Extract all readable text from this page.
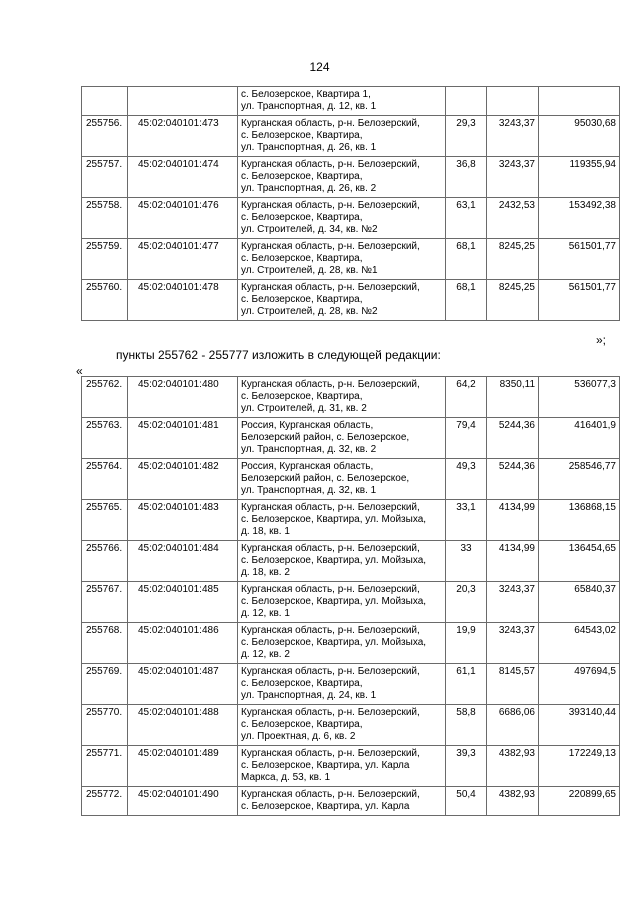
124

		с. Белозерское, Квартира 1,
ул. Транспортная, д. 12, кв. 1			

255756.	45:02:040101:473	Курганская область, р-н. Белозерский,
с. Белозерское, Квартира,
ул. Транспортная, д. 26, кв. 1	29,3	3243,37	95030,68
255757.	45:02:040101:474	Курганская область, р-н. Белозерский,
с. Белозерское, Квартира,
ул. Транспортная, д. 26, кв. 2	36,8	3243,37	119355,94
255758.	45:02:040101:476	Курганская область, р-н. Белозерский,
с. Белозерское, Квартира,
ул. Строителей, д. 34, кв. №2	63,1	2432,53	153492,38
255759.	45:02:040101:477	Курганская область, р-н. Белозерский,
с. Белозерское, Квартира,
ул. Строителей, д. 28, кв. №1	68,1	8245,25	561501,77
255760.	45:02:040101:478	Курганская область, р-н. Белозерский,
с. Белозерское, Квартира,
ул. Строителей, д. 28, кв. №2	68,1	8245,25	561501,77
»;
пункты 255762 - 255777 изложить в следующей редакции:
«
255762.	45:02:040101:480	Курганская область, р-н. Белозерский,
с. Белозерское, Квартира,
ул. Строителей, д. 31, кв. 2	64,2	8350,11	536077,3
255763.	45:02:040101:481	Россия, Курганская область,
Белозерский район, с. Белозерское,
ул. Транспортная, д. 32, кв. 2	79,4	5244,36	416401,9
255764.	45:02:040101:482	Россия, Курганская область,
Белозерский район, с. Белозерское,
ул. Транспортная, д. 32, кв. 1	49,3	5244,36	258546,77
255765.	45:02:040101:483	Курганская область, р-н. Белозерский,
с. Белозерское, Квартира, ул. Мойзыха,
д. 18, кв. 1	33,1	4134,99	136868,15
255766.	45:02:040101:484	Курганская область, р-н. Белозерский,
с. Белозерское, Квартира, ул. Мойзыха,
д. 18, кв. 2	33	4134,99	136454,65
255767.	45:02:040101:485	Курганская область, р-н. Белозерский,
с. Белозерское, Квартира, ул. Мойзыха,
д. 12, кв. 1	20,3	3243,37	65840,37
255768.	45:02:040101:486	Курганская область, р-н. Белозерский,
с. Белозерское, Квартира, ул. Мойзыха,
д. 12, кв. 2	19,9	3243,37	64543,02
255769.	45:02:040101:487	Курганская область, р-н. Белозерский,
с. Белозерское, Квартира,
ул. Транспортная, д. 24, кв. 1	61,1	8145,57	497694,5
255770.	45:02:040101:488	Курганская область, р-н. Белозерский,
с. Белозерское, Квартира,
ул. Проектная, д. 6, кв. 2	58,8	6686,06	393140,44
255771.	45:02:040101:489	Курганская область, р-н. Белозерский,
с. Белозерское, Квартира, ул. Карла
Маркса, д. 53, кв. 1	39,3	4382,93	172249,13
255772.	45:02:040101:490	Курганская область, р-н. Белозерский,
с. Белозерское, Квартира, ул. Карла	50,4	4382,93	220899,65
